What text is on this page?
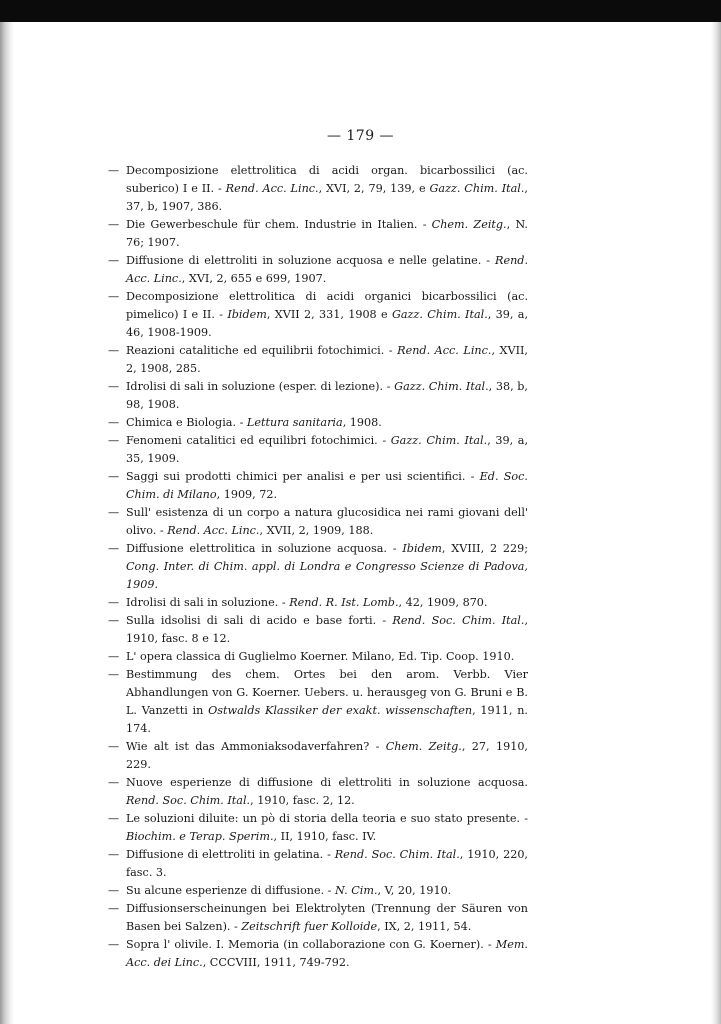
— 179 —
— Decomposizione elettrolitica di acidi organ. bicarbossilici (ac. suberico) I e II. - Rend. Acc. Linc., XVI, 2, 79, 139, e Gazz. Chim. Ital., 37, b, 1907, 386.
— Die Gewerbeschule für chem. Industrie in Italien. - Chem. Zeitg., N. 76; 1907.
— Diffusione di elettroliti in soluzione acquosa e nelle gelatine. - Rend. Acc. Linc., XVI, 2, 655 e 699, 1907.
— Decomposizione elettrolitica di acidi organici bicarbossilici (ac. pimelico) I e II. - Ibidem, XVII 2, 331, 1908 e Gazz. Chim. Ital., 39, a, 46, 1908-1909.
— Reazioni catalitiche ed equilibrii fotochimici. - Rend. Acc. Linc., XVII, 2, 1908, 285.
— Idrolisi di sali in soluzione (esper. di lezione). - Gazz. Chim. Ital., 38, b, 98, 1908.
— Chimica e Biologia. - Lettura sanitaria, 1908.
— Fenomeni catalitici ed equilibri fotochimici. - Gazz. Chim. Ital., 39, a, 35, 1909.
— Saggi sui prodotti chimici per analisi e per usi scientifici. - Ed. Soc. Chim. di Milano, 1909, 72.
— Sull' esistenza di un corpo a natura glucosidica nei rami giovani dell' olivo. - Rend. Acc. Linc., XVII, 2, 1909, 188.
— Diffusione elettrolitica in soluzione acquosa. - Ibidem, XVIII, 2 229; Cong. Inter. di Chim. appl. di Londra e Congresso Scienze di Padova, 1909.
— Idrolisi di sali in soluzione. - Rend. R. Ist. Lomb., 42, 1909, 870.
— Sulla idsolisi di sali di acido e base forti. - Rend. Soc. Chim. Ital., 1910, fasc. 8 e 12.
— L' opera classica di Guglielmo Koerner. Milano, Ed. Tip. Coop. 1910.
— Bestimmung des chem. Ortes bei den arom. Verbb. Vier Abhandlungen von G. Koerner. Uebers. u. herausgeg von G. Bruni e B. L. Vanzetti in Ostwalds Klassiker der exakt. wissenschaften, 1911, n. 174.
— Wie alt ist das Ammoniaksodaverfahren? - Chem. Zeitg., 27, 1910, 229.
— Nuove esperienze di diffusione di elettroliti in soluzione acquosa. Rend. Soc. Chim. Ital., 1910, fasc. 2, 12.
— Le soluzioni diluite: un pò di storia della teoria e suo stato presente. - Biochim. e Terap. Sperim., II, 1910, fasc. IV.
— Diffusione di elettroliti in gelatina. - Rend. Soc. Chim. Ital., 1910, 220, fasc. 3.
— Su alcune esperienze di diffusione. - N. Cim., V, 20, 1910.
— Diffusionserscheinungen bei Elektrolyten (Trennung der Säuren von Basen bei Salzen). - Zeitschrift fuer Kolloide, IX, 2, 1911, 54.
— Sopra l' olivile. I. Memoria (in collaborazione con G. Koerner). - Mem. Acc. dei Linc., CCCVIII, 1911, 749-792.
